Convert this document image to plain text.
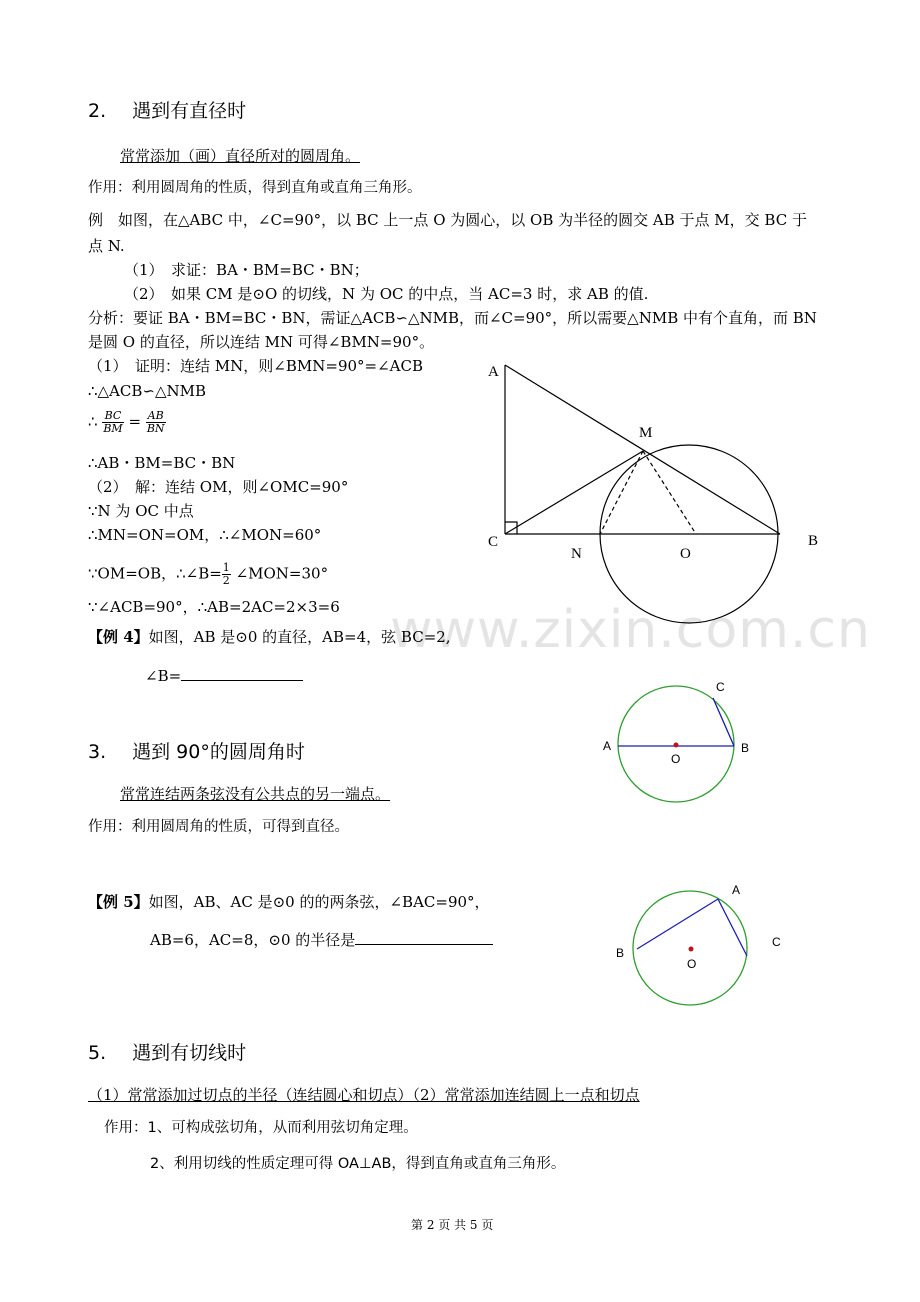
www.zixin.com.cn
2. 遇到有直径时
常常添加（画）直径所对的圆周角。
作用：利用圆周角的性质，得到直角或直角三角形。
例　如图，在△ABC 中，∠C=90°，以 BC 上一点 O 为圆心，以 OB 为半径的圆交 AB 于点 M，交 BC 于
点 N.
（1）　求证：BA・BM=BC・BN；
（2）　如果 CM 是⊙O 的切线，N 为 OC 的中点，当 AC=3 时，求 AB 的值.
分析：要证 BA・BM=BC・BN，需证△ACB∽△NMB，而∠C=90°，所以需要△NMB 中有个直角，而 BN
是圆 O 的直径，所以连结 MN 可得∠BMN=90°。
（1）　证明：连结 MN，则∠BMN=90°=∠ACB
∴△ACB∽△NMB
∴ $\frac{BC}{BM} = \frac{AB}{BN}$
∴AB・BM=BC・BN
（2）　解：连结 OM，则∠OMC=90°
∵N 为 OC 中点
∴MN=ON=OM，∴∠MON=60°
∵OM=OB，∴∠B= $\frac{1}{2}$ ∠MON=30°
∵∠ACB=90°，∴AB=2AC=2×3=6
A
M
C
N	O
B
【例 4】如图，AB 是⊙0 的直径，AB=4，弦 BC=2,
∠B=
A	B
C
O
3. 遇到 90°的圆周角时
常常连结两条弦没有公共点的另一端点。
作用：利用圆周角的性质，可得到直径。
【例 5】如图，AB、AC 是⊙0 的的两条弦，∠BAC=90°，
AB=6，AC=8，⊙0 的半径是
A
B
C
O
5. 遇到有切线时
（1）常常添加过切点的半径（连结圆心和切点）（2）常常添加连结圆上一点和切点
作用：1、可构成弦切角，从而利用弦切角定理。
2、利用切线的性质定理可得 OA⊥AB，得到直角或直角三角形。
第 2 页 共 5 页
